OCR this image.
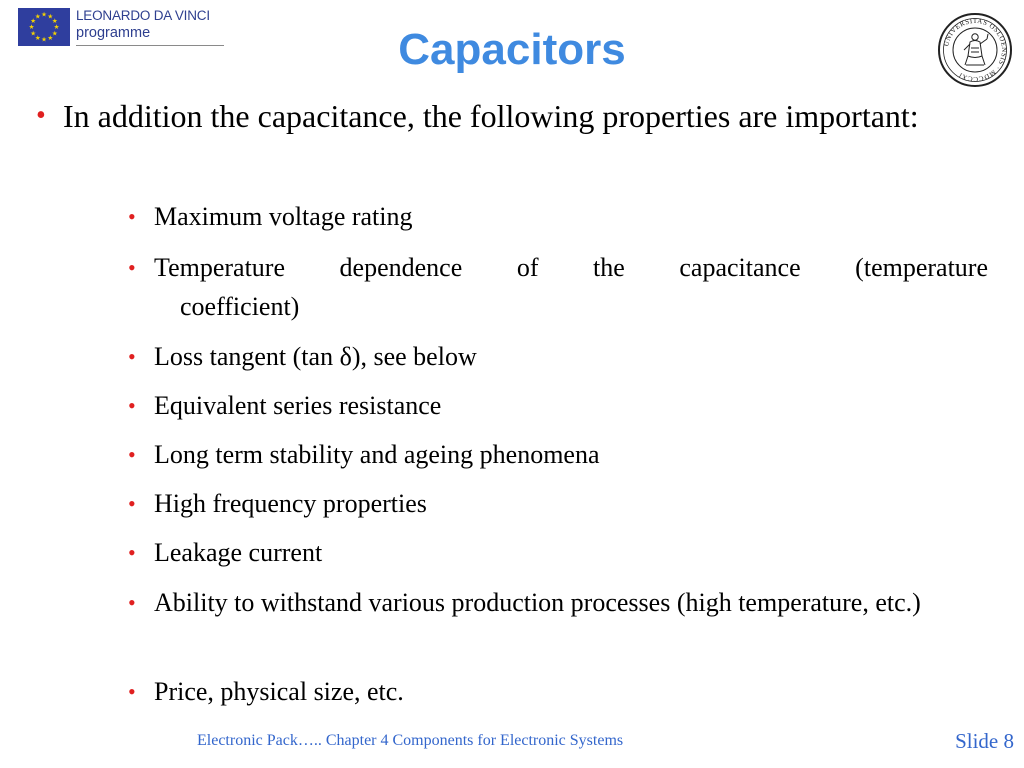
★
★
★
★
★
★
★
★
★ ★ ★
★ LEONARDO DA VINCI
programme	Capacitors	UNIVERSITAS OSLOENSIS · MDCCCXI
• In addition the capacitance, the following properties are important:
• Maximum voltage rating
• Temperature dependence of the capacitance (temperature
coefficient)
• Loss tangent (tan δ), see below
• Equivalent series resistance
• Long term stability and ageing phenomena
• High frequency properties
• Leakage current
• Ability to withstand various production processes (high temperature, etc.)
• Price, physical size, etc.
Electronic Pack….. Chapter 4 Components for Electronic Systems	Slide 8
